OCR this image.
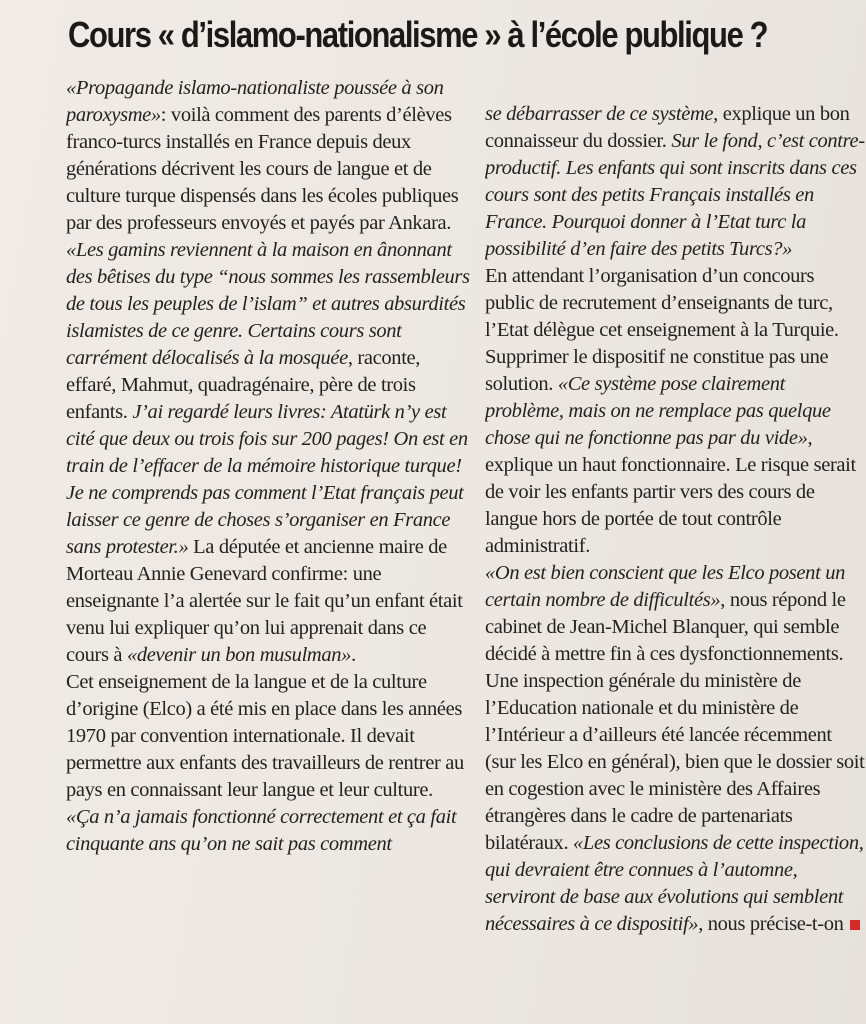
Cours « d’islamo-nationalisme » à l’école publique ?

«Propagande islamo-nationaliste poussée à son paroxysme»: voilà comment des parents d’élèves franco-turcs installés en France depuis deux générations décrivent les cours de langue et de culture turque dispensés dans les écoles publiques par des professeurs envoyés et payés par Ankara. «Les gamins reviennent à la maison en ânonnant des bêtises du type “nous sommes les rassembleurs de tous les peuples de l’islam” et autres absurdités islamistes de ce genre. Certains cours sont carrément délocalisés à la mosquée, raconte, effaré, Mahmut, quadragénaire, père de trois enfants. J’ai regardé leurs livres: Atatürk n’y est cité que deux ou trois fois sur 200 pages! On est en train de l’effacer de la mémoire historique turque! Je ne comprends pas comment l’Etat français peut laisser ce genre de choses s’organiser en France sans protester.» La députée et ancienne maire de Morteau Annie Genevard confirme: une enseignante l’a alertée sur le fait qu’un enfant était venu lui expliquer qu’on lui apprenait dans ce cours à «devenir un bon musulman».

Cet enseignement de la langue et de la culture d’origine (Elco) a été mis en place dans les années 1970 par convention internationale. Il devait permettre aux enfants des travailleurs de rentrer au pays en connaissant leur langue et leur culture.

«Ça n’a jamais fonctionné correctement et ça fait cinquante ans qu’on ne sait pas comment

se débarrasser de ce système, explique un bon connaisseur du dossier. Sur le fond, c’est contre-productif. Les enfants qui sont inscrits dans ces cours sont des petits Français installés en France. Pourquoi donner à l’Etat turc la possibilité d’en faire des petits Turcs?»

En attendant l’organisation d’un concours public de recrutement d’enseignants de turc, l’Etat délègue cet enseignement à la Turquie. Supprimer le dispositif ne constitue pas une solution. «Ce système pose clairement problème, mais on ne remplace pas quelque chose qui ne fonctionne pas par du vide», explique un haut fonctionnaire. Le risque serait de voir les enfants partir vers des cours de langue hors de portée de tout contrôle administratif.

«On est bien conscient que les Elco posent un certain nombre de difficultés», nous répond le cabinet de Jean-Michel Blanquer, qui semble décidé à mettre fin à ces dysfonctionnements. Une inspection générale du ministère de l’Education nationale et du ministère de l’Intérieur a d’ailleurs été lancée récemment (sur les Elco en général), bien que le dossier soit en cogestion avec le ministère des Affaires étrangères dans le cadre de partenariats bilatéraux. «Les conclusions de cette inspection, qui devraient être connues à l’automne, serviront de base aux évolutions qui semblent nécessaires à ce dispositif», nous précise-t-on
